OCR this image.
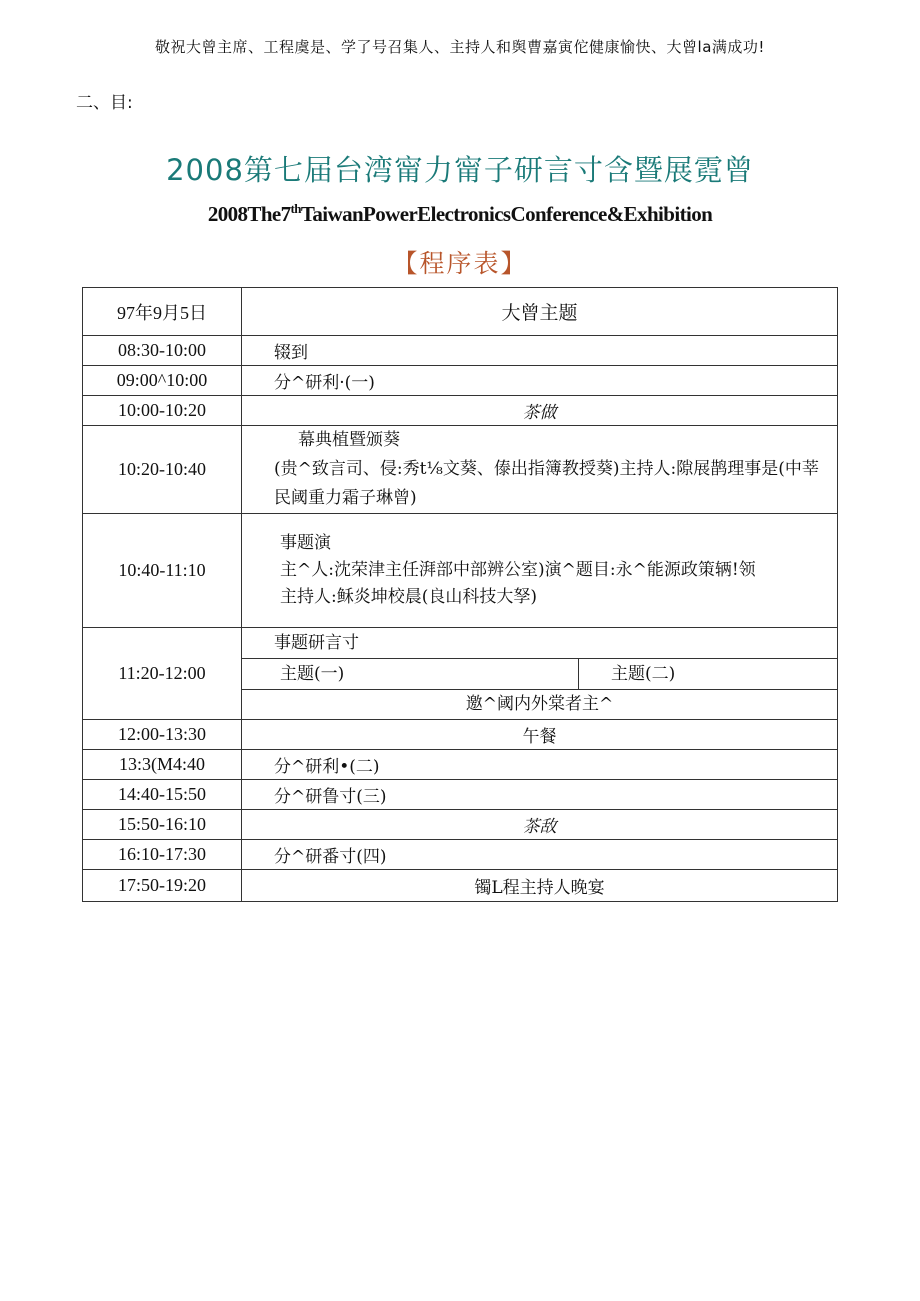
敬祝大曾主席、工程虞是、学了号召集人、主持人和舆曹嘉寅佗健康愉快、大曾la满成功!
二、目:
2008第七届台湾甯力甯子研言寸含暨展霓曾
2008The7thTaiwanPowerElectronicsConference&Exhibition
【程序表】
97年9月5日	大曾主题
08:30-10:00	辍到
09:00^10:00	分^研利·(一)
10:00-10:20	茶做
10:20-10:40	幕典植暨颁葵
(贵^致言司、侵:秀t⅛文葵、傣出指簿教授葵)主持人:隙展鹊理事是(中莘民阈重力霜子琳曾)

10:40-11:10	事题演
主^人:沈荣津主任湃部中部辨公室)演^题目:永^能源政策辆!领
主持人:稣炎坤校晨(良山科技大孥)

11:20-12:00	事题研言寸
主题(一) 主题(二)
邀^阈内外棠者主^

12:00-13:30	午餐
13:3(M4:40	分^研利•(二)
14:40-15:50	分^研鲁寸(三)
15:50-16:10	茶敌
16:10-17:30	分^研番寸(四)
17:50-19:20	镯L程主持人晚宴
